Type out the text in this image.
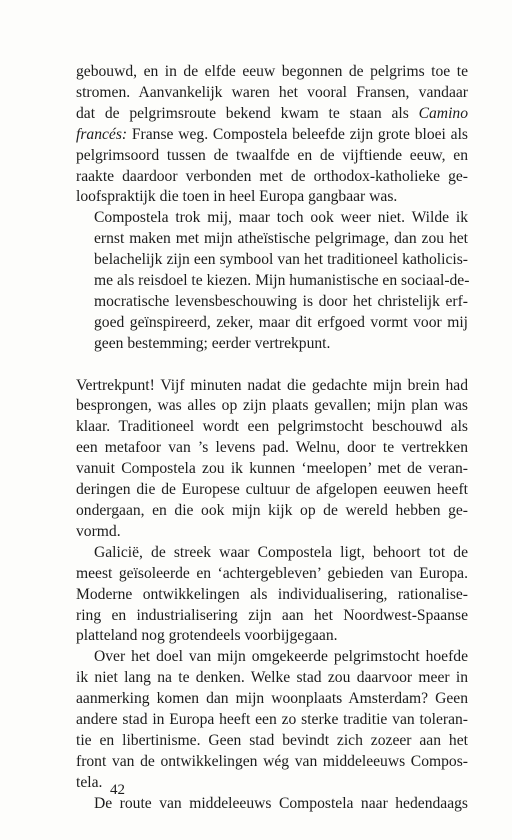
gebouwd, en in de elfde eeuw begonnen de pelgrims toe te
stromen. Aanvankelijk waren het vooral Fransen, vandaar
dat de pelgrimsroute bekend kwam te staan als Camino
francés: Franse weg. Compostela beleefde zijn grote bloei als
pelgrimsoord tussen de twaalfde en de vijftiende eeuw, en
raakte daardoor verbonden met de orthodox-katholieke ge-
loofspraktijk die toen in heel Europa gangbaar was.

Compostela trok mij, maar toch ook weer niet. Wilde ik
ernst maken met mijn atheïstische pelgrimage, dan zou het
belachelijk zijn een symbool van het traditioneel katholicis-
me als reisdoel te kiezen. Mijn humanistische en sociaal-de-
mocratische levensbeschouwing is door het christelijk erf-
goed geïnspireerd, zeker, maar dit erfgoed vormt voor mij
geen bestemming; eerder vertrekpunt.

Vertrekpunt! Vijf minuten nadat die gedachte mijn brein had
besprongen, was alles op zijn plaats gevallen; mijn plan was
klaar. Traditioneel wordt een pelgrimstocht beschouwd als
een metafoor van ’s levens pad. Welnu, door te vertrekken
vanuit Compostela zou ik kunnen ‘meelopen’ met de veran-
deringen die de Europese cultuur de afgelopen eeuwen heeft
ondergaan, en die ook mijn kijk op de wereld hebben ge-
vormd.

Galicië, de streek waar Compostela ligt, behoort tot de
meest geïsoleerde en ‘achtergebleven’ gebieden van Europa.
Moderne ontwikkelingen als individualisering, rationalise-
ring en industrialisering zijn aan het Noordwest-Spaanse
platteland nog grotendeels voorbijgegaan.

Over het doel van mijn omgekeerde pelgrimstocht hoefde
ik niet lang na te denken. Welke stad zou daarvoor meer in
aanmerking komen dan mijn woonplaats Amsterdam? Geen
andere stad in Europa heeft een zo sterke traditie van toleran-
tie en libertinisme. Geen stad bevindt zich zozeer aan het
front van de ontwikkelingen wég van middeleeuws Compos-
tela.

De route van middeleeuws Compostela naar hedendaags

42
